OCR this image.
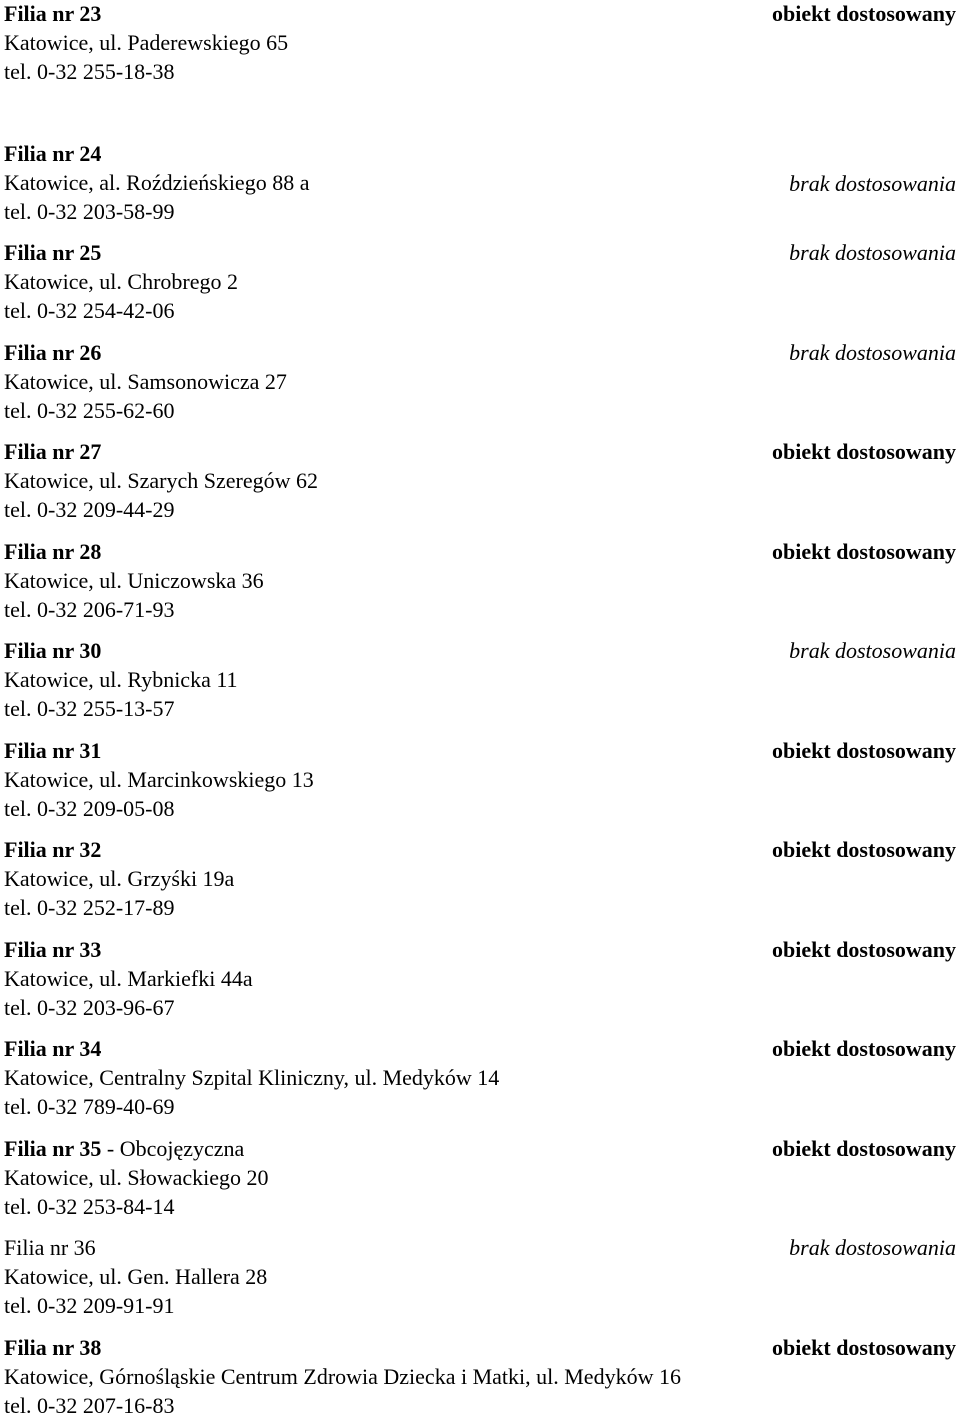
Filia nr 23
Katowice, ul. Paderewskiego 65
tel. 0-32 255-18-38
obiekt dostosowany
Filia nr 24
Katowice, al. Roździeńskiego 88 a
tel. 0-32 203-58-99
brak dostosowania
Filia nr 25
Katowice, ul. Chrobrego 2
tel. 0-32 254-42-06
brak dostosowania
Filia nr 26
Katowice, ul. Samsonowicza 27
tel. 0-32 255-62-60
brak dostosowania
Filia nr 27
Katowice, ul. Szarych Szeregów 62
tel. 0-32 209-44-29
obiekt dostosowany
Filia nr 28
Katowice, ul. Uniczowska 36
tel. 0-32 206-71-93
obiekt dostosowany
Filia nr 30
Katowice, ul. Rybnicka 11
tel. 0-32 255-13-57
brak dostosowania
Filia nr 31
Katowice, ul. Marcinkowskiego 13
tel. 0-32 209-05-08
obiekt dostosowany
Filia nr 32
Katowice, ul. Grzyśki 19a
tel. 0-32 252-17-89
obiekt dostosowany
Filia nr 33
Katowice, ul. Markiefki 44a
tel. 0-32 203-96-67
obiekt dostosowany
Filia nr 34
Katowice, Centralny Szpital Kliniczny, ul. Medyków 14
tel. 0-32 789-40-69
obiekt dostosowany
Filia nr 35 - Obcojęzyczna
Katowice, ul. Słowackiego 20
tel. 0-32 253-84-14
obiekt dostosowany
Filia nr 36
Katowice, ul. Gen. Hallera 28
tel. 0-32 209-91-91
brak dostosowania
Filia nr 38
Katowice, Górnośląskie Centrum Zdrowia Dziecka i Matki, ul. Medyków 16
tel. 0-32 207-16-83
obiekt dostosowany
